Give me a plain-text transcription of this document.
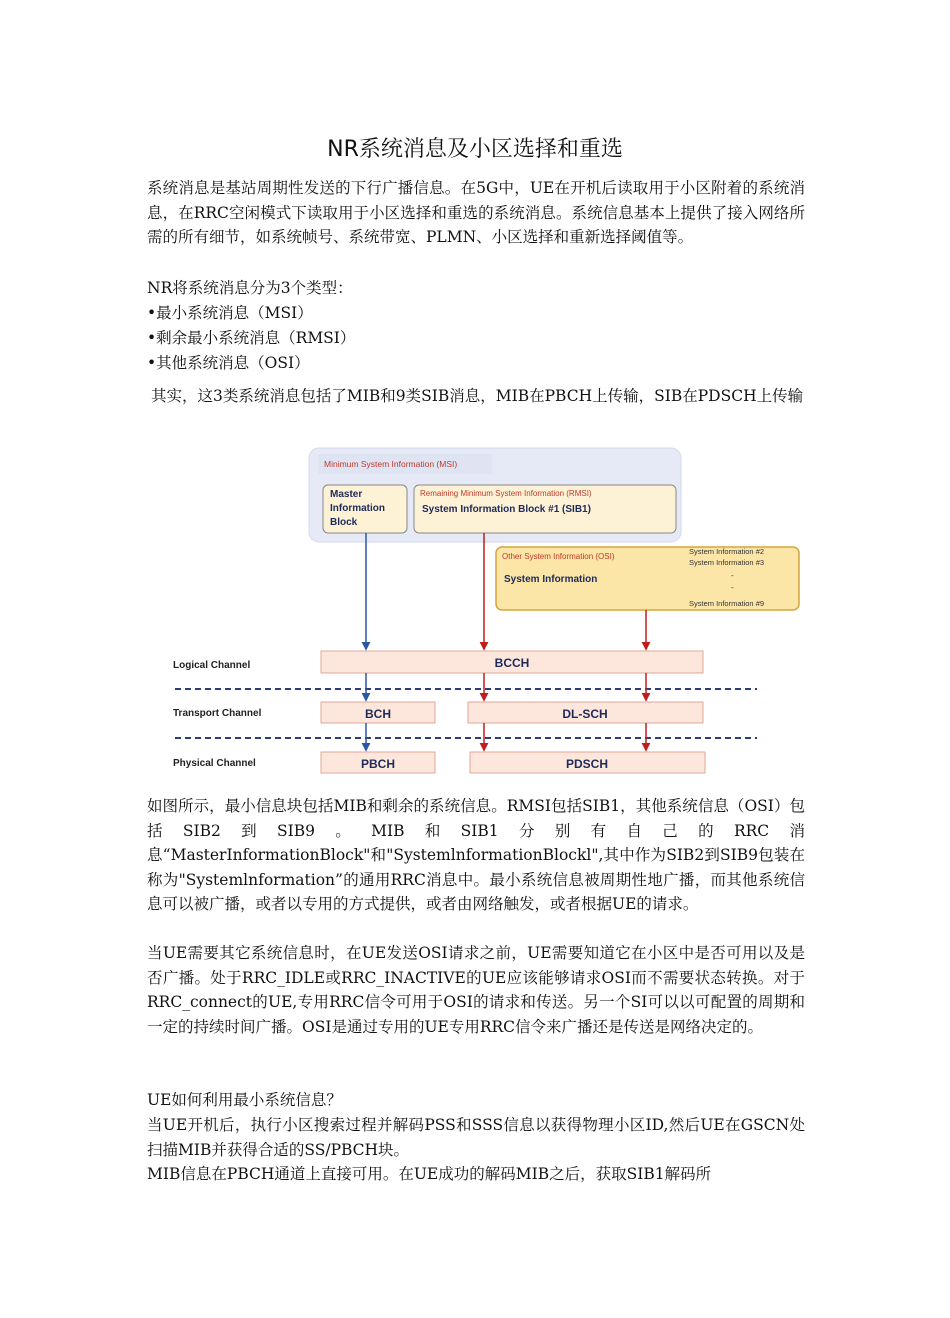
NR系统消息及小区选择和重选

系统消息是基站周期性发送的下行广播信息。在5G中，UE在开机后读取用于小区附着的系统消息，在RRC空闲模式下读取用于小区选择和重选的系统消息。系统信息基本上提供了接入网络所需的所有细节，如系统帧号、系统带宽、PLMN、小区选择和重新选择阈值等。

NR将系统消息分为3个类型：
•最小系统消息（MSI）
•剩余最小系统消息（RMSI）
•其他系统消息（OSI）

其实，这3类系统消息包括了MIB和9类SIB消息，MIB在PBCH上传输，SIB在PDSCH上传输

Minimum System Information (MSI)
Master
Information
Block
Remaining Minimum System Information (RMSI)
System Information Block #1 (SIB1)
Other System Information (OSI)
System Information
System Information #2
System Information #3
-
-
System Information #9
Logical Channel
Transport Channel
Physical Channel
BCCH
BCH	DL-SCH
PBCH	PDSCH

如图所示，最小信息块包括MIB和剩余的系统信息。RMSI包括SIB1，其他系统信息（OSI）包括SIB2到SIB9。MIB和SIB1分别有自己的RRC消息“MasterInformationBlock"和"SystemlnformationBlockl",其中作为SIB2到SIB9包装在称为"Systemlnformation”的通用RRC消息中。最小系统信息被周期性地广播，而其他系统信息可以被广播，或者以专用的方式提供，或者由网络触发，或者根据UE的请求。

当UE需要其它系统信息时，在UE发送OSI请求之前，UE需要知道它在小区中是否可用以及是否广播。处于RRC_IDLE或RRC_INACTIVE的UE应该能够请求OSI而不需要状态转换。对于RRC_connect的UE,专用RRC信令可用于OSI的请求和传送。另一个SI可以以可配置的周期和一定的持续时间广播。OSI是通过专用的UE专用RRC信令来广播还是传送是网络决定的。

UE如何利用最小系统信息？

当UE开机后，执行小区搜索过程并解码PSS和SSS信息以获得物理小区ID,然后UE在GSCN处扫描MIB并获得合适的SS/PBCH块。

MIB信息在PBCH通道上直接可用。在UE成功的解码MIB之后，获取SIB1解码所
